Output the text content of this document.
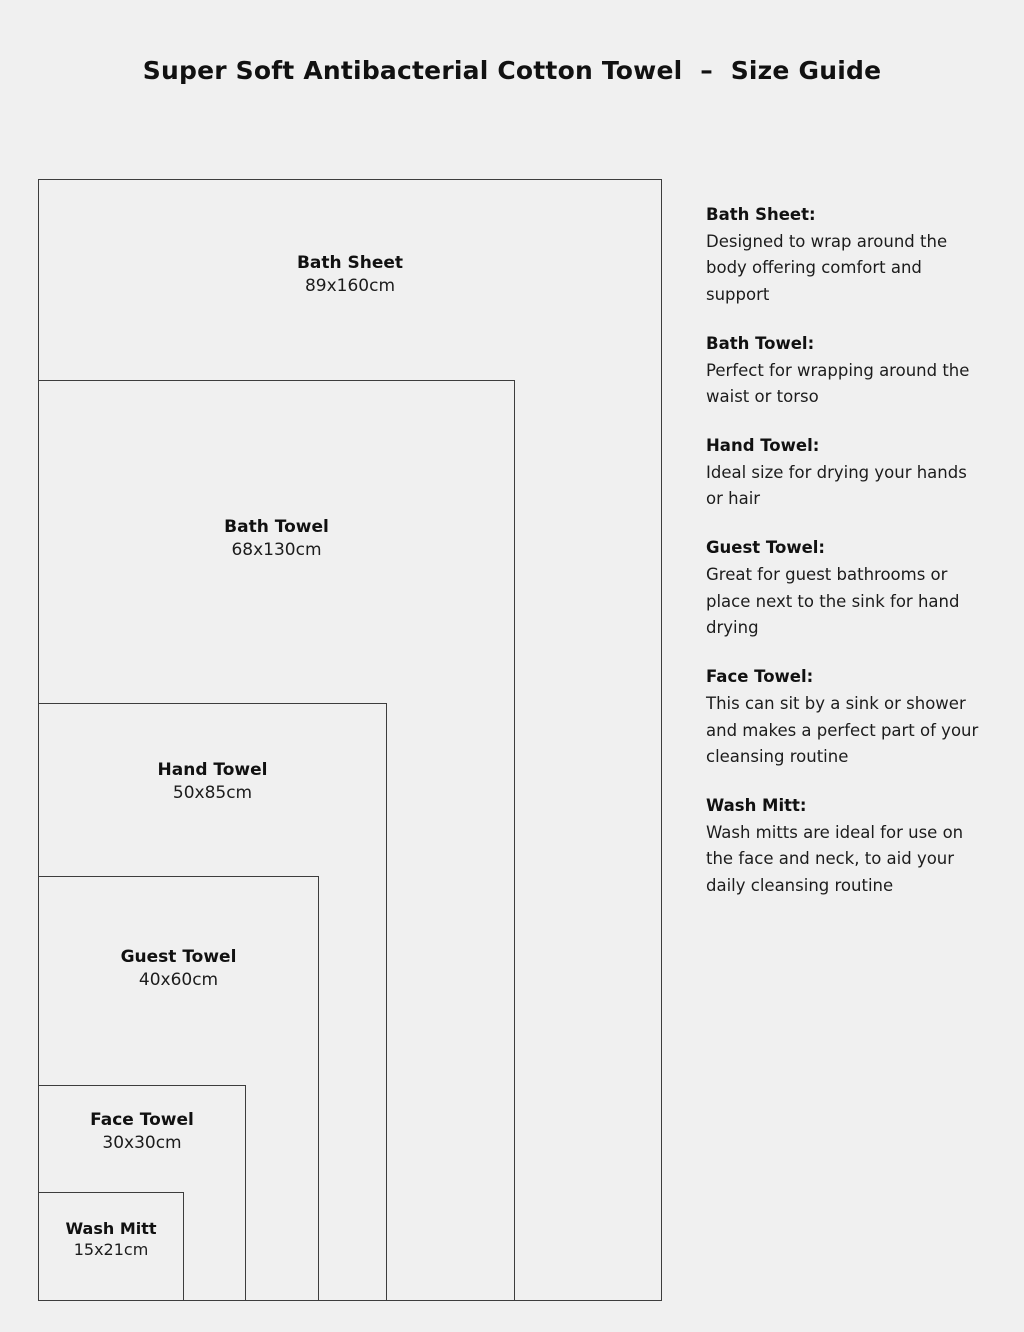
Super Soft Antibacterial Cotton Towel  –  Size Guide
Bath Sheet
89x160cm
Bath Towel
68x130cm
Hand Towel
50x85cm
Guest Towel
40x60cm
Face Towel
30x30cm
Wash Mitt
15x21cm
Bath Sheet:
Designed to wrap around the body offering comfort and support
Bath Towel:
Perfect for wrapping around the waist or torso
Hand Towel:
Ideal size for drying your hands or hair
Guest Towel:
Great for guest bathrooms or place next to the sink for hand drying
Face Towel:
This can sit by a sink or shower and makes a perfect part of your cleansing routine
Wash Mitt:
Wash mitts are ideal for use on the face and neck, to aid your daily cleansing routine
